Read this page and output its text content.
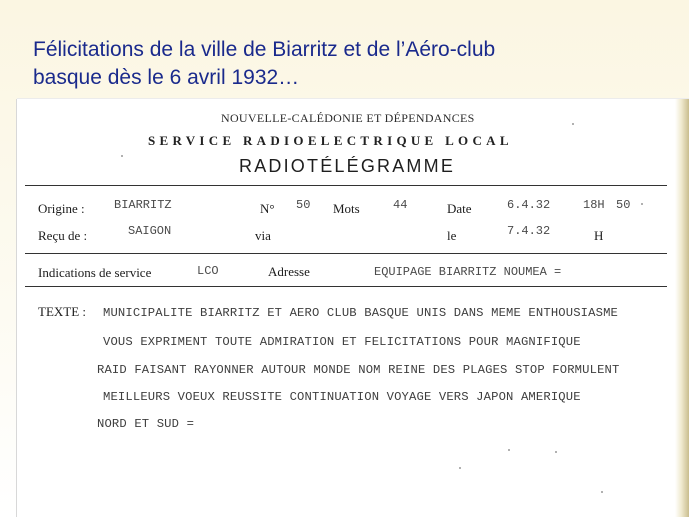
Félicitations de la ville de Biarritz et de l’Aéro-club
basque dès le 6 avril 1932…
NOUVELLE-CALÉDONIE ET DÉPENDANCES
SERVICE RADIOELECTRIQUE LOCAL
RADIOTÉLÉGRAMME
Origine : BIARRITZ	N° 50 Mots	44	Date	6.4.32	18H 50
Reçu de :	SAIGON	via	le	7.4.32	H
Indications de service	LCO	Adresse	EQUIPAGE BIARRITZ NOUMEA =
TEXTE : MUNICIPALITE BIARRITZ ET AERO CLUB BASQUE UNIS DANS MEME ENTHOUSIASME
VOUS EXPRIMENT TOUTE ADMIRATION ET FELICITATIONS POUR MAGNIFIQUE
RAID FAISANT RAYONNER AUTOUR MONDE NOM REINE DES PLAGES STOP FORMULENT
MEILLEURS VOEUX REUSSITE CONTINUATION VOYAGE VERS JAPON AMERIQUE
NORD ET SUD =
